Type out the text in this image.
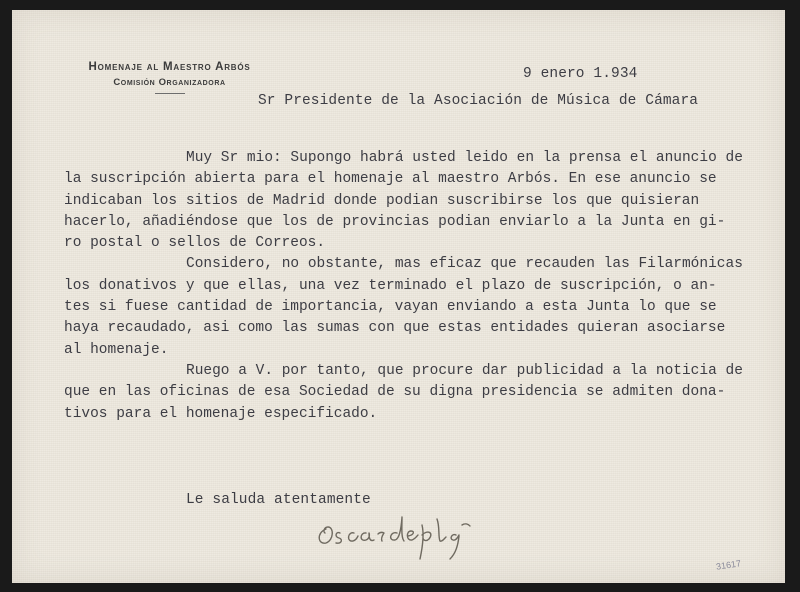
Homenaje al Maestro Arbós
Comisión Organizadora
9 enero 1.934
Sr Presidente de la Asociación de Música de Cámara
Muy Sr mio: Supongo habrá usted leido en la prensa el anuncio de
la suscripción abierta para el homenaje al maestro Arbós. En ese anuncio se
indicaban los sitios de Madrid donde podian suscribirse los que quisieran
hacerlo, añadiéndose que los de provincias podian enviarlo a la Junta en gi-
ro postal o sellos de Correos.
Considero, no obstante, mas eficaz que recauden las Filarmónicas
los donativos y que ellas, una vez terminado el plazo de suscripción, o an-
tes si fuese cantidad de importancia, vayan enviando a esta Junta lo que se
haya recaudado, asi como las sumas con que estas entidades quieran asociarse
al homenaje.
Ruego a V. por tanto, que procure dar publicidad a la noticia de
que en las oficinas de esa Sociedad de su digna presidencia se admiten dona-
tivos para el homenaje especificado.
Le saluda atentamente
31617
